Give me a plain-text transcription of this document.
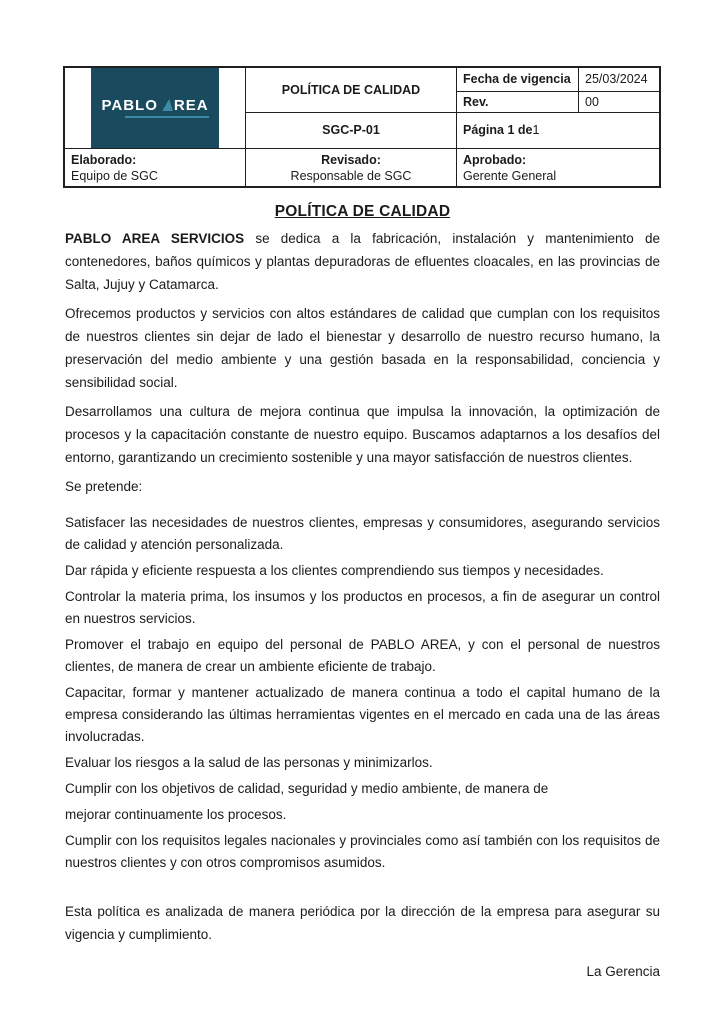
PABLO REA
POLÍTICA DE CALIDAD
SGC-P-01
Fecha de vigencia	25/03/2024
Rev.	00
Página 1 de 1
Elaborado:
Equipo de SGC
Revisado:
Responsable de SGC
Aprobado:
Gerente General
POLÍTICA DE CALIDAD

PABLO AREA SERVICIOS se dedica a la fabricación, instalación y mantenimiento de contenedores, baños químicos y plantas depuradoras de efluentes cloacales, en las provincias de Salta, Jujuy y Catamarca.

Ofrecemos productos y servicios con altos estándares de calidad que cumplan con los requisitos de nuestros clientes sin dejar de lado el bienestar y desarrollo de nuestro recurso humano, la preservación del medio ambiente y una gestión basada en la responsabilidad, conciencia y sensibilidad social.

Desarrollamos una cultura de mejora continua que impulsa la innovación, la optimización de procesos y la capacitación constante de nuestro equipo. Buscamos adaptarnos a los desafíos del entorno, garantizando un crecimiento sostenible y una mayor satisfacción de nuestros clientes.

Se pretende:

Satisfacer las necesidades de nuestros clientes, empresas y consumidores, asegurando servicios de calidad y atención personalizada.

Dar rápida y eficiente respuesta a los clientes comprendiendo sus tiempos y necesidades.

Controlar la materia prima, los insumos y los productos en procesos, a fin de asegurar un control en nuestros servicios.

Promover el trabajo en equipo del personal de PABLO AREA, y con el personal de nuestros clientes, de manera de crear un ambiente eficiente de trabajo.

Capacitar, formar y mantener actualizado de manera continua a todo el capital humano de la empresa considerando las últimas herramientas vigentes en el mercado en cada una de las áreas involucradas.

Evaluar los riesgos a la salud de las personas y minimizarlos.

Cumplir con los objetivos de calidad, seguridad y medio ambiente, de manera de

mejorar continuamente los procesos.

Cumplir con los requisitos legales nacionales y provinciales como así también con los requisitos de nuestros clientes y con otros compromisos asumidos.

Esta política es analizada de manera periódica por la dirección de la empresa para asegurar su vigencia y cumplimiento.

La Gerencia
